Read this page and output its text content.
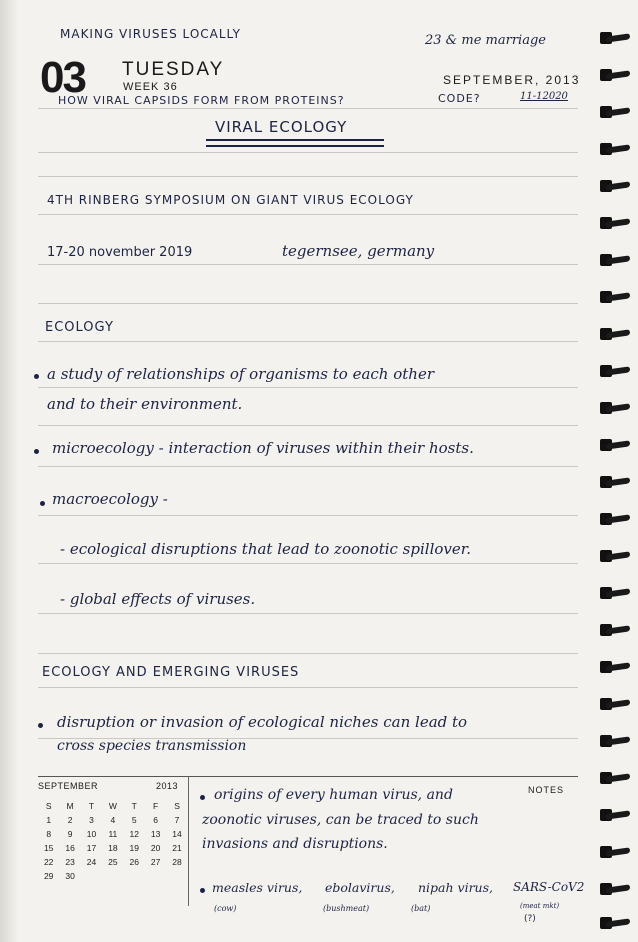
MAKING VIRUSES LOCALLY	23 & me marriage
03 TUESDAY
WEEK 36	SEPTEMBER, 2013
HOW VIRAL CAPSIDS FORM FROM PROTEINS?	CODE?	11-12020
VIRAL ECOLOGY
4TH RINBERG SYMPOSIUM ON GIANT VIRUS ECOLOGY
17-20 november 2019	tegernsee, germany
ECOLOGY
a study of relationships of organisms to each other
and to their environment.
microecology - interaction of viruses within their hosts.
macroecology -
- ecological disruptions that lead to zoonotic spillover.
- global effects of viruses.
ECOLOGY AND EMERGING VIRUSES
disruption or invasion of ecological niches can lead to
cross species transmission
SEPTEMBER	2013
S	M	T	W	T	F	S
1	2	3	4	5	6	7
8	9	10	11	12	13	14
15	16	17	18	19	20	21
22	23	24	25	26	27	28
29	30
NOTES
origins of every human virus, and
zoonotic viruses, can be traced to such
invasions and disruptions.
measles virus,
(cow)
ebolavirus,
(bushmeat)
nipah virus,
(bat)
SARS-CoV2
(meat mkt)
(?)
